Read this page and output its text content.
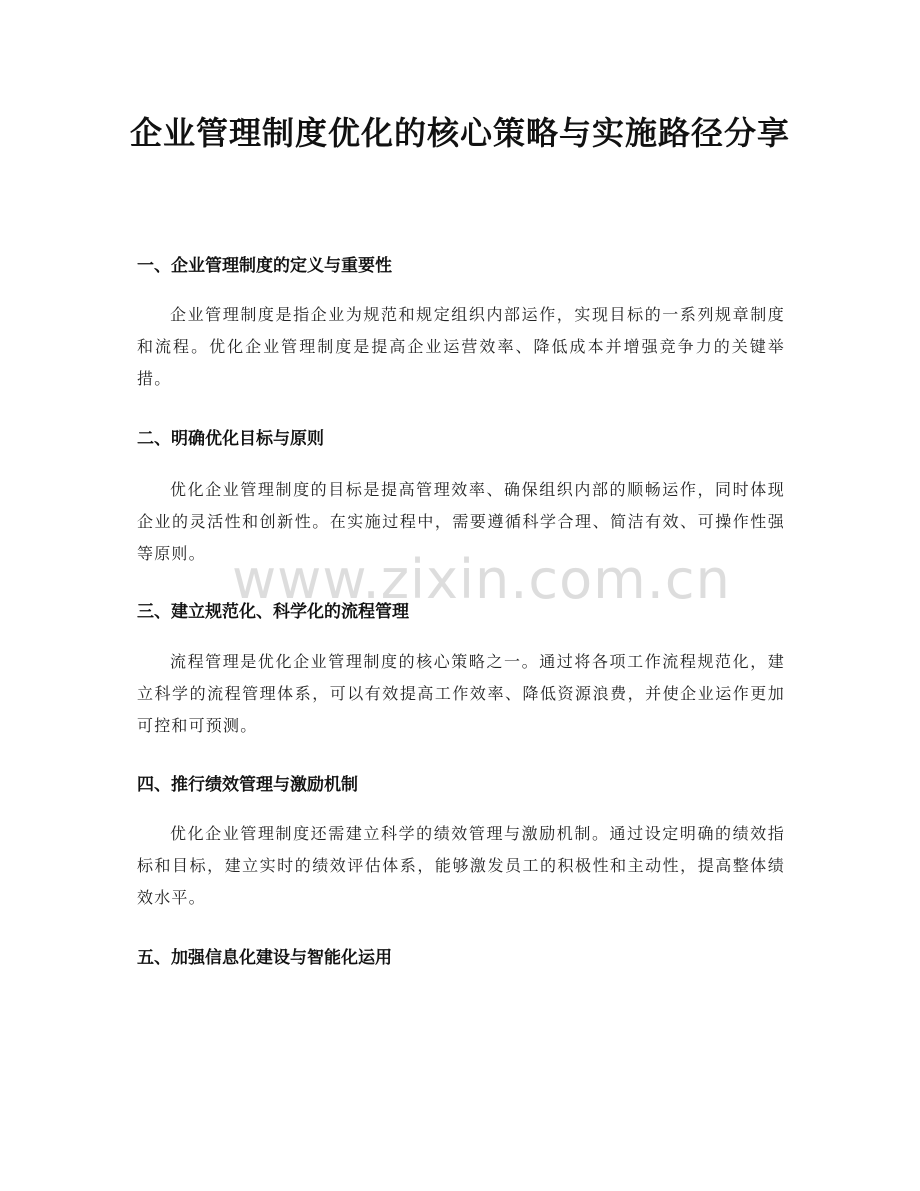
企业管理制度优化的核心策略与实施路径分享
一、企业管理制度的定义与重要性

企业管理制度是指企业为规范和规定组织内部运作，实现目标的一系列规章制度和流程。优化企业管理制度是提高企业运营效率、降低成本并增强竞争力的关键举措。

二、明确优化目标与原则

优化企业管理制度的目标是提高管理效率、确保组织内部的顺畅运作，同时体现企业的灵活性和创新性。在实施过程中，需要遵循科学合理、简洁有效、可操作性强等原则。

三、建立规范化、科学化的流程管理

流程管理是优化企业管理制度的核心策略之一。通过将各项工作流程规范化，建立科学的流程管理体系，可以有效提高工作效率、降低资源浪费，并使企业运作更加可控和可预测。

四、推行绩效管理与激励机制

优化企业管理制度还需建立科学的绩效管理与激励机制。通过设定明确的绩效指标和目标，建立实时的绩效评估体系，能够激发员工的积极性和主动性，提高整体绩效水平。

五、加强信息化建设与智能化运用
www.zixin.com.cn
